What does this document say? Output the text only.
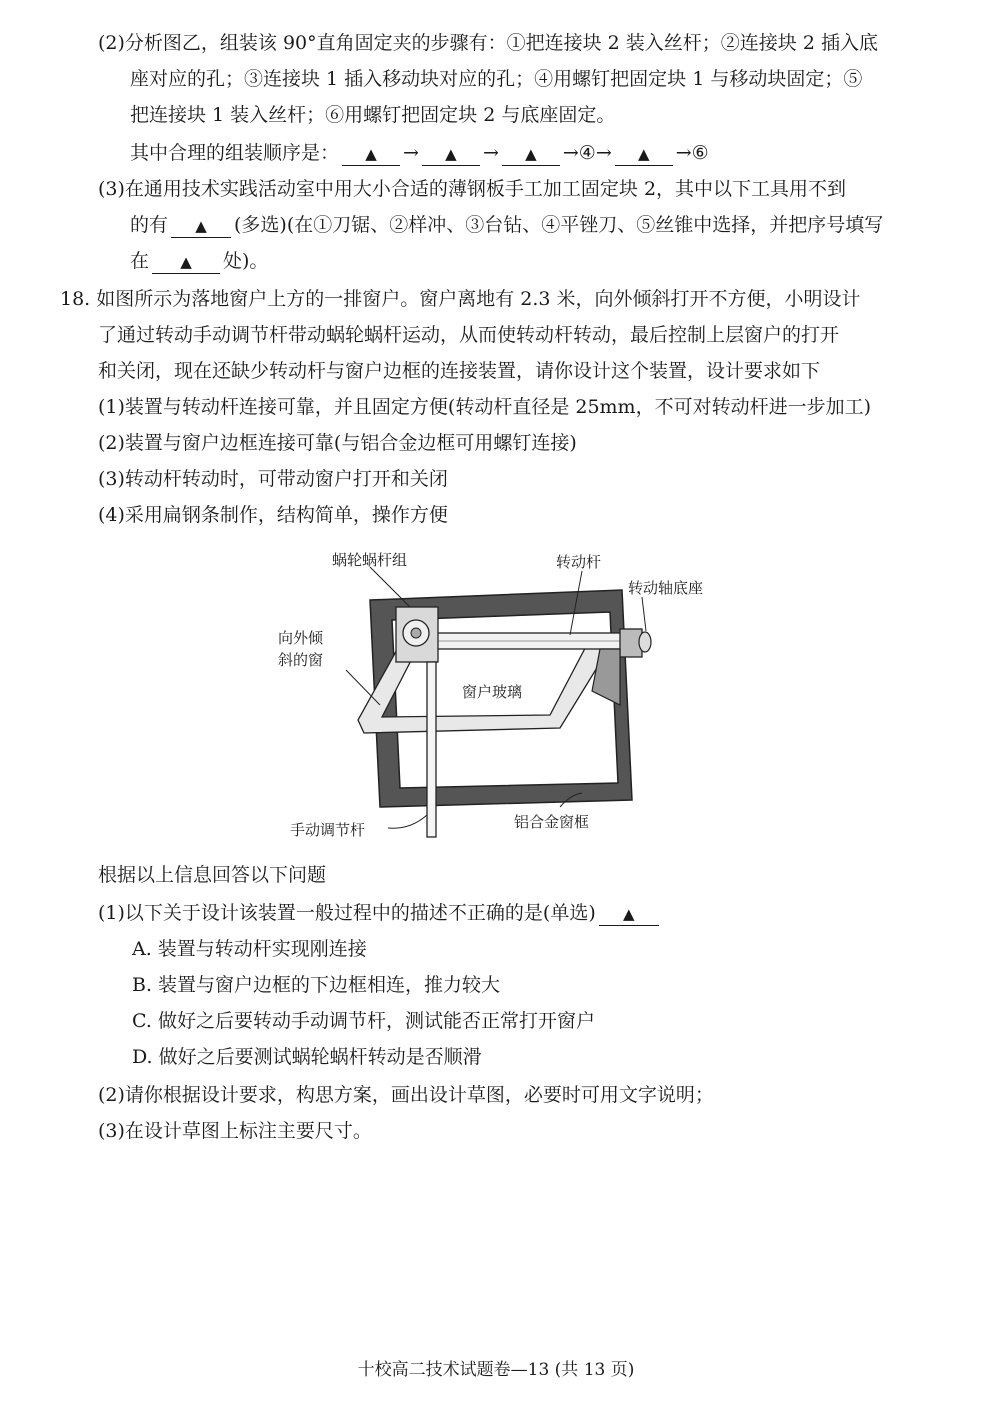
(2)分析图乙，组装该 90°直角固定夹的步骤有：①把连接块 2 装入丝杆；②连接块 2 插入底
座对应的孔；③连接块 1 插入移动块对应的孔；④用螺钉把固定块 1 与移动块固定；⑤
把连接块 1 装入丝杆；⑥用螺钉把固定块 2 与底座固定。
其中合理的组装顺序是： ▲ → ▲ → ▲ →④→ ▲ →⑥
(3)在通用技术实践活动室中用大小合适的薄钢板手工加工固定块 2，其中以下工具用不到
的有 ▲ (多选)(在①刀锯、②样冲、③台钻、④平锉刀、⑤丝锥中选择，并把序号填写
在 ▲ 处)。
18. 如图所示为落地窗户上方的一排窗户。窗户离地有 2.3 米，向外倾斜打开不方便，小明设计
了通过转动手动调节杆带动蜗轮蜗杆运动，从而使转动杆转动，最后控制上层窗户的打开
和关闭，现在还缺少转动杆与窗户边框的连接装置，请你设计这个装置，设计要求如下
(1)装置与转动杆连接可靠，并且固定方便(转动杆直径是 25mm，不可对转动杆进一步加工)
(2)装置与窗户边框连接可靠(与铝合金边框可用螺钉连接)
(3)转动杆转动时，可带动窗户打开和关闭
(4)采用扁钢条制作，结构简单，操作方便
蜗轮蜗杆组	转动杆
转动轴底座
向外倾
斜的窗
窗户玻璃
手动调节杆	铝合金窗框
根据以上信息回答以下问题
(1)以下关于设计该装置一般过程中的描述不正确的是(单选) ▲
A. 装置与转动杆实现刚连接
B. 装置与窗户边框的下边框相连，推力较大
C. 做好之后要转动手动调节杆，测试能否正常打开窗户
D. 做好之后要测试蜗轮蜗杆转动是否顺滑
(2)请你根据设计要求，构思方案，画出设计草图，必要时可用文字说明；
(3)在设计草图上标注主要尺寸。
十校高二技术试题卷—13 (共 13 页)
